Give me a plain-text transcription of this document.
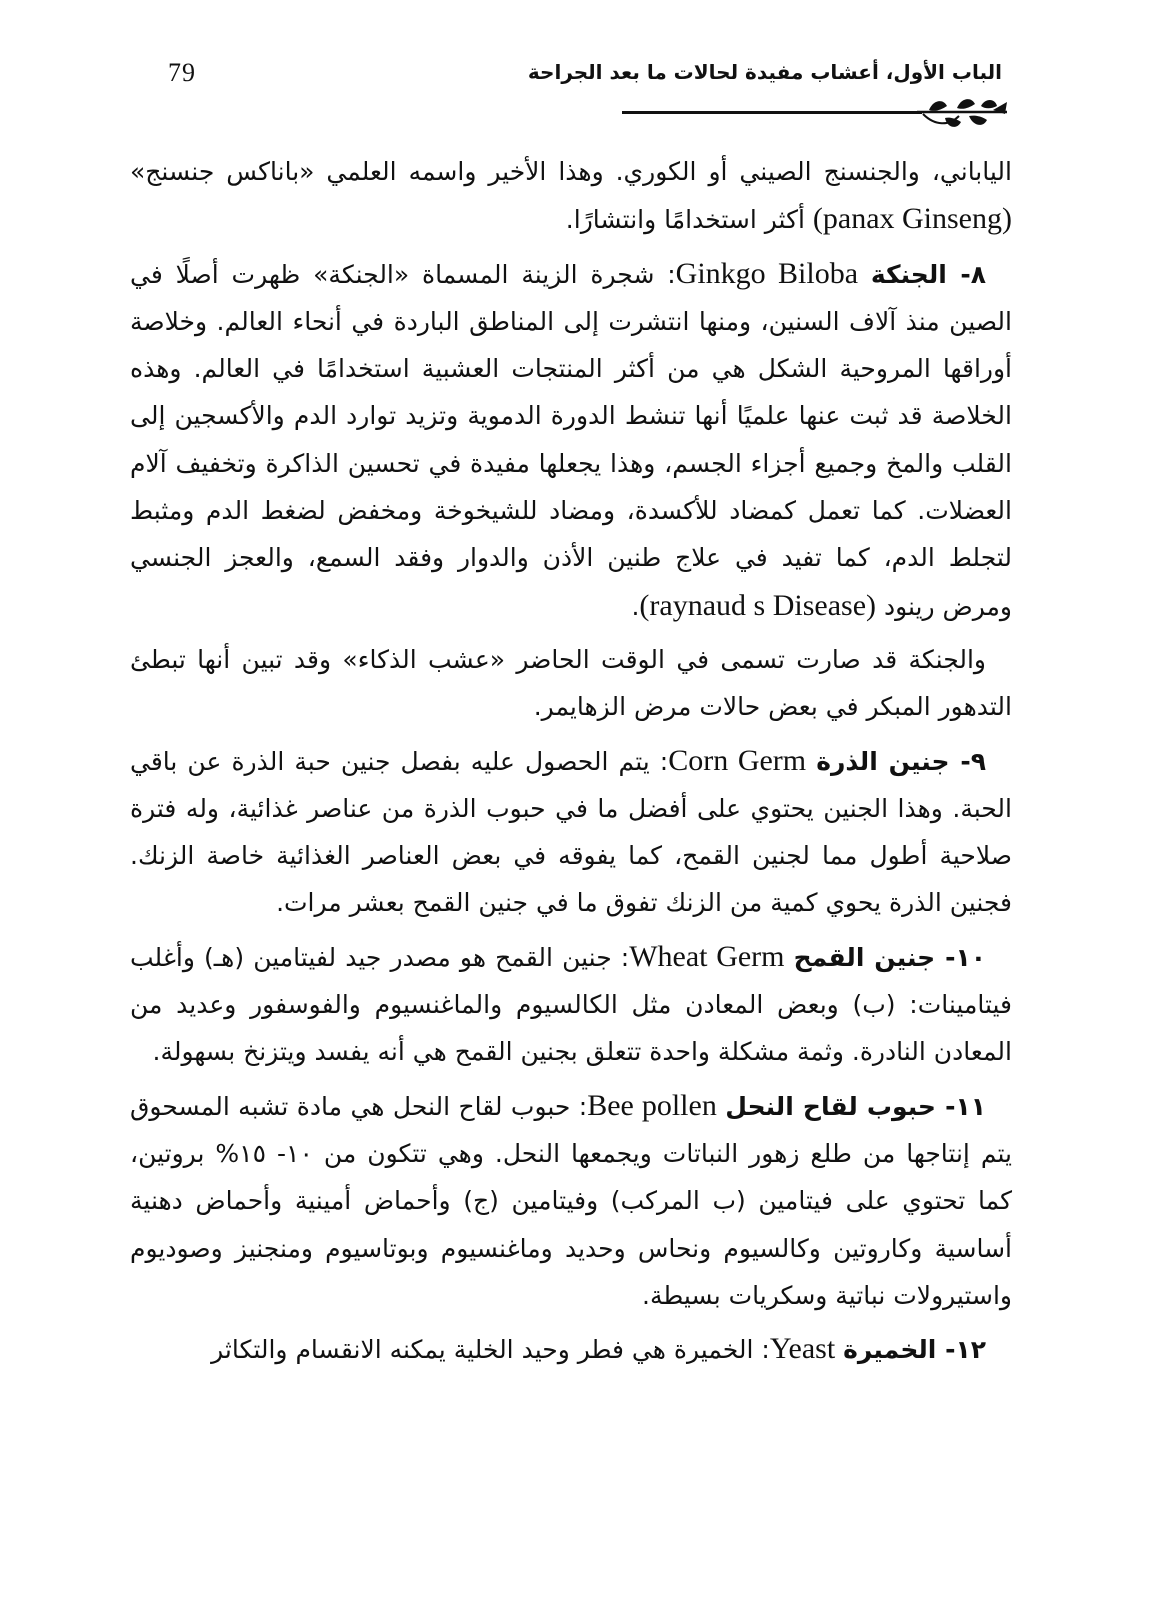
79	الباب الأول، أعشاب مفيدة لحالات ما بعد الجراحة

الياباني، والجنسنج الصيني أو الكوري. وهذا الأخير واسمه العلمي «باناكس جنسنج» (panax Ginseng) أكثر استخدامًا وانتشارًا.

٨- الجنكة Ginkgo Biloba: شجرة الزينة المسماة «الجنكة» ظهرت أصلًا في الصين منذ آلاف السنين، ومنها انتشرت إلى المناطق الباردة في أنحاء العالم. وخلاصة أوراقها المروحية الشكل هي من أكثر المنتجات العشبية استخدامًا في العالم. وهذه الخلاصة قد ثبت عنها علميًا أنها تنشط الدورة الدموية وتزيد توارد الدم والأكسجين إلى القلب والمخ وجميع أجزاء الجسم، وهذا يجعلها مفيدة في تحسين الذاكرة وتخفيف آلام العضلات. كما تعمل كمضاد للأكسدة، ومضاد للشيخوخة ومخفض لضغط الدم ومثبط لتجلط الدم، كما تفيد في علاج طنين الأذن والدوار وفقد السمع، والعجز الجنسي ومرض رينود (raynaud s Disease).

والجنكة قد صارت تسمى في الوقت الحاضر «عشب الذكاء» وقد تبين أنها تبطئ التدهور المبكر في بعض حالات مرض الزهايمر.

٩- جنين الذرة Corn Germ: يتم الحصول عليه بفصل جنين حبة الذرة عن باقي الحبة. وهذا الجنين يحتوي على أفضل ما في حبوب الذرة من عناصر غذائية، وله فترة صلاحية أطول مما لجنين القمح، كما يفوقه في بعض العناصر الغذائية خاصة الزنك. فجنين الذرة يحوي كمية من الزنك تفوق ما في جنين القمح بعشر مرات.

١٠- جنين القمح Wheat Germ: جنين القمح هو مصدر جيد لفيتامين (هـ) وأغلب فيتامينات: (ب) وبعض المعادن مثل الكالسيوم والماغنسيوم والفوسفور وعديد من المعادن النادرة. وثمة مشكلة واحدة تتعلق بجنين القمح هي أنه يفسد ويتزنخ بسهولة.

١١- حبوب لقاح النحل Bee pollen: حبوب لقاح النحل هي مادة تشبه المسحوق يتم إنتاجها من طلع زهور النباتات ويجمعها النحل. وهي تتكون من ١٠- ١٥% بروتين، كما تحتوي على فيتامين (ب المركب) وفيتامين (ج) وأحماض أمينية وأحماض دهنية أساسية وكاروتين وكالسيوم ونحاس وحديد وماغنسيوم وبوتاسيوم ومنجنيز وصوديوم واستيرولات نباتية وسكريات بسيطة.

١٢- الخميرة Yeast: الخميرة هي فطر وحيد الخلية يمكنه الانقسام والتكاثر
